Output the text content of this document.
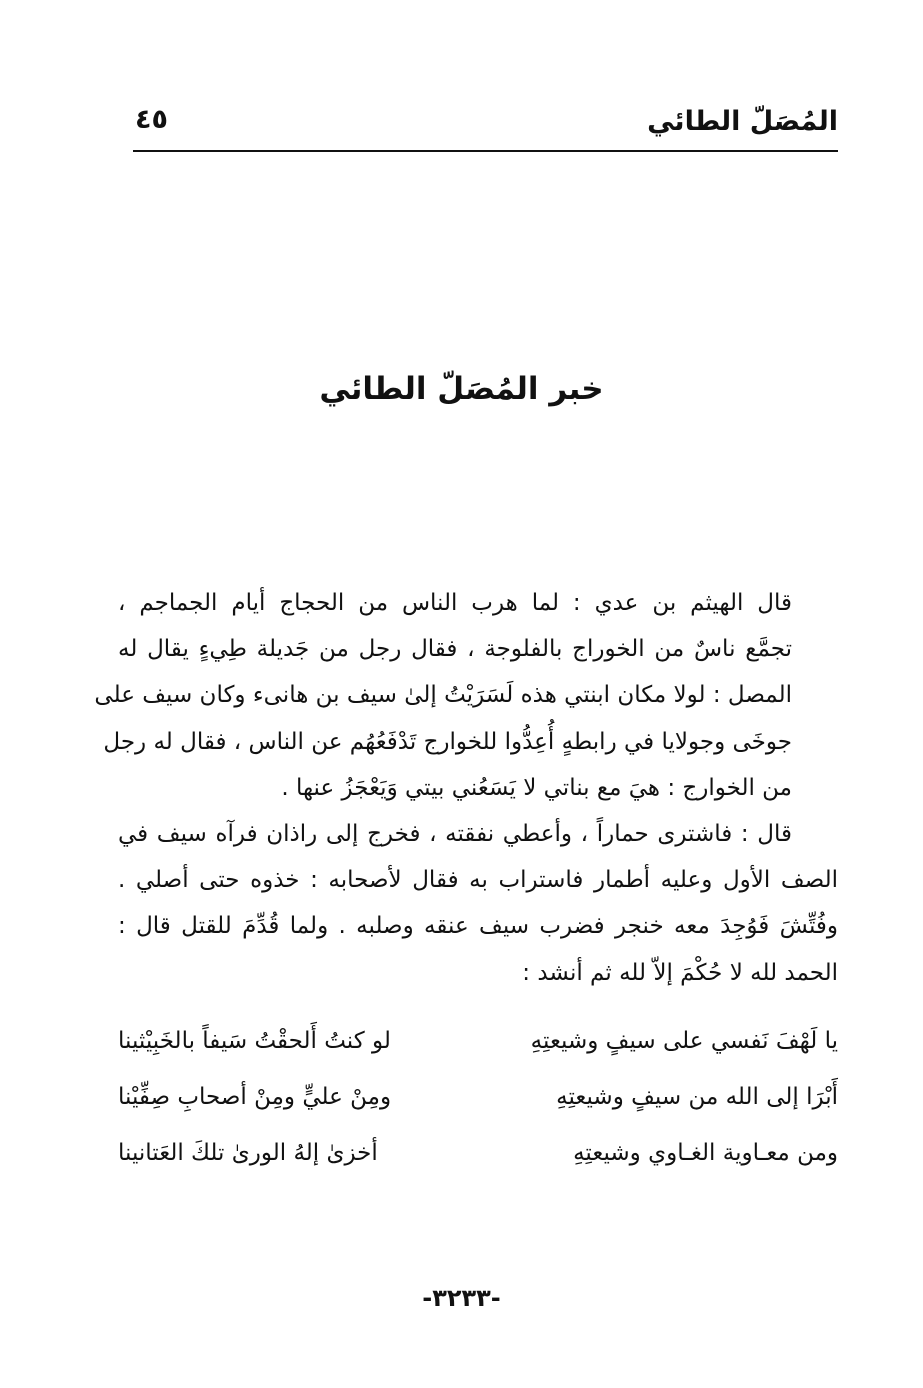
المُصَلّ الطائي
٤٥
خبر المُصَلّ الطائي

قال الهيثم بن عدي : لما هرب الناس من الحجاج أيام الجماجم ،
تجمَّع ناسٌ من الخوراج بالفلوجة ، فقال رجل من جَديلة طِيءٍ يقال له
المصل : لولا مكان ابنتي هذه لَسَرَيْتُ إلىٰ سيف بن هانىء وكان سيف على
جوخَى وجولايا في رابطهٍ أُعِدُّوا للخوارج تَدْفَعُهُم عن الناس ، فقال له رجل
من الخوارج : هيَ مع بناتي لا يَسَعُني بيتي وَيَعْجَزُ عنها .

قال : فاشترى حماراً ، وأعطي نفقته ، فخرج إلى راذان فرآه سيف في
الصف الأول وعليه أطمار فاستراب به فقال لأصحابه : خذوه حتى أصلي .
وفُتِّشَ فَوُجِدَ معه خنجر فضرب سيف عنقه وصلبه . ولما قُدِّمَ للقتل قال :
الحمد لله لا حُكْمَ إلاّ لله ثم أنشد :

يا لَهْفَ نَفسي على سيفٍ وشيعتِهِ
لو كنتُ أَلحقْتُ سَيفاً بالخَبِيْثينا
أَبْرَا إلى الله من سيفٍ وشيعتِهِ
ومِنْ عليٍّ ومِنْ أصحابِ صِفِّيْنا
ومن معـاوية الغـاوي وشيعتِهِ
أخزىٰ إلهُ الورىٰ تلكَ العَتانينا
-٣٢٣٣-
